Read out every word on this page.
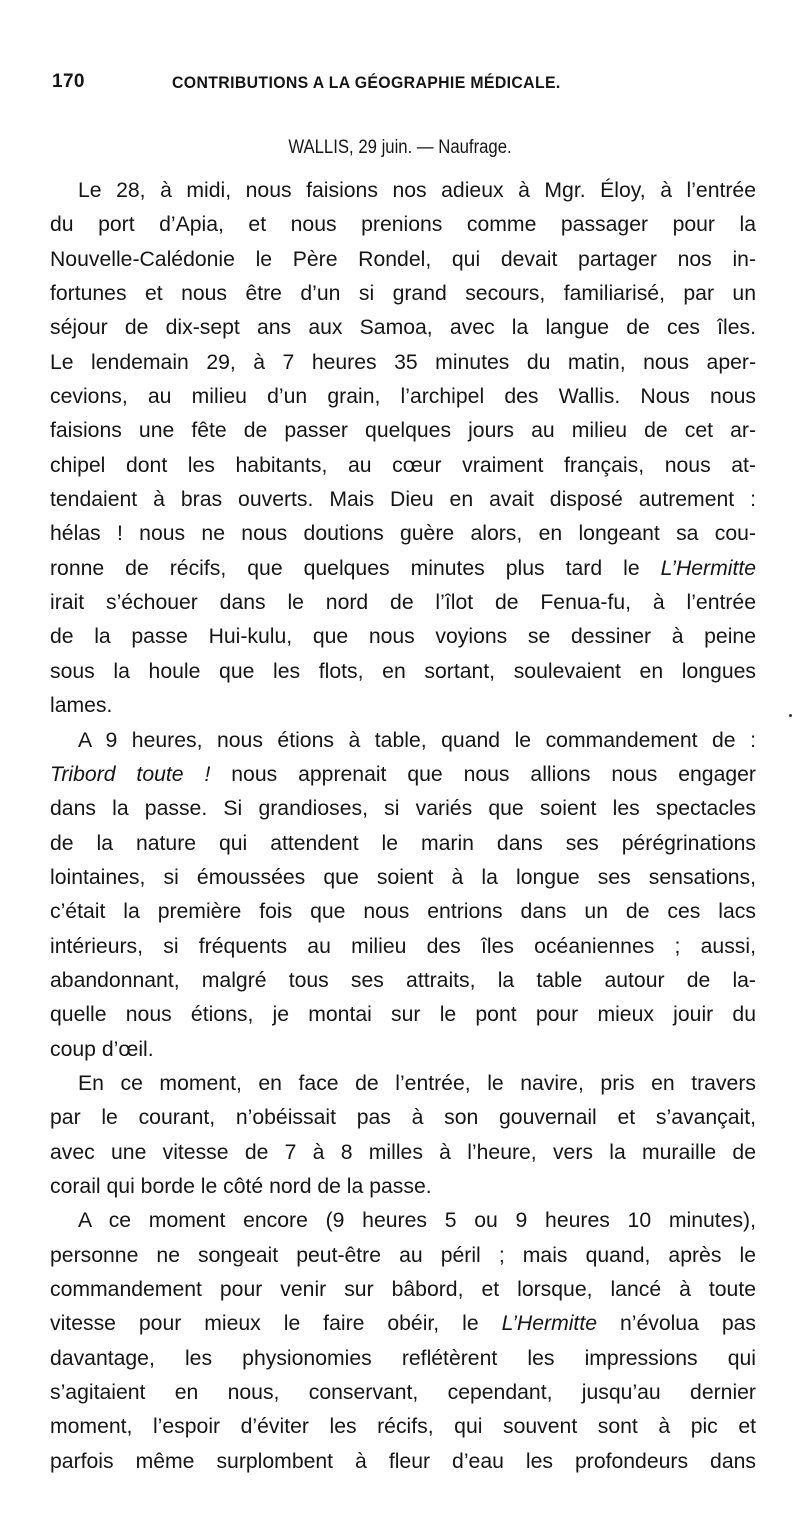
170	CONTRIBUTIONS A LA GÉOGRAPHIE MÉDICALE.
WALLIS, 29 juin. — Naufrage.
Le 28, à midi, nous faisions nos adieux à Mgr. Éloy, à l’entrée
du port d’Apia, et nous prenions comme passager pour la
Nouvelle-Calédonie le Père Rondel, qui devait partager nos in-
fortunes et nous être d’un si grand secours, familiarisé, par un
séjour de dix-sept ans aux Samoa, avec la langue de ces îles.
Le lendemain 29, à 7 heures 35 minutes du matin, nous aper-
cevions, au milieu d’un grain, l’archipel des Wallis. Nous nous
faisions une fête de passer quelques jours au milieu de cet ar-
chipel dont les habitants, au cœur vraiment français, nous at-
tendaient à bras ouverts. Mais Dieu en avait disposé autrement :
hélas ! nous ne nous doutions guère alors, en longeant sa cou-
ronne de récifs, que quelques minutes plus tard le L’Hermitte
irait s’échouer dans le nord de l’îlot de Fenua-fu, à l’entrée
de la passe Hui-kulu, que nous voyions se dessiner à peine
sous la houle que les flots, en sortant, soulevaient en longues
lames.
A 9 heures, nous étions à table, quand le commandement de :
Tribord toute ! nous apprenait que nous allions nous engager
dans la passe. Si grandioses, si variés que soient les spectacles
de la nature qui attendent le marin dans ses pérégrinations
lointaines, si émoussées que soient à la longue ses sensations,
c’était la première fois que nous entrions dans un de ces lacs
intérieurs, si fréquents au milieu des îles océaniennes ; aussi,
abandonnant, malgré tous ses attraits, la table autour de la-
quelle nous étions, je montai sur le pont pour mieux jouir du
coup d’œil.
En ce moment, en face de l’entrée, le navire, pris en travers
par le courant, n’obéissait pas à son gouvernail et s’avançait,
avec une vitesse de 7 à 8 milles à l’heure, vers la muraille de
corail qui borde le côté nord de la passe.
A ce moment encore (9 heures 5 ou 9 heures 10 minutes),
personne ne songeait peut-être au péril ; mais quand, après le
commandement pour venir sur bâbord, et lorsque, lancé à toute
vitesse pour mieux le faire obéir, le L’Hermitte n’évolua pas
davantage, les physionomies reflétèrent les impressions qui
s’agitaient en nous, conservant, cependant, jusqu’au dernier
moment, l’espoir d’éviter les récifs, qui souvent sont à pic et
parfois même surplombent à fleur d’eau les profondeurs dans
